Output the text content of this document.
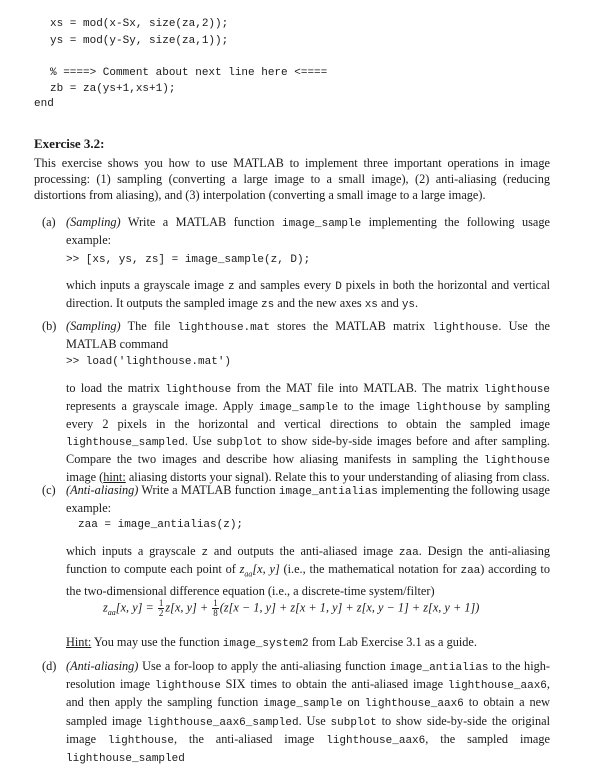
xs = mod(x-Sx, size(za,2));
ys = mod(y-Sy, size(za,1));
% ====> Comment about next line here <====
zb = za(ys+1,xs+1);
end
Exercise 3.2:
This exercise shows you how to use MATLAB to implement three important operations in image processing: (1) sampling (converting a large image to a small image), (2) anti-aliasing (reducing distortions from aliasing), and (3) interpolation (converting a small image to a large image).
(a) (Sampling) Write a MATLAB function image_sample implementing the following usage example:
>> [xs, ys, zs] = image_sample(z, D);
which inputs a grayscale image z and samples every D pixels in both the horizontal and vertical direction. It outputs the sampled image zs and the new axes xs and ys.
(b) (Sampling) The file lighthouse.mat stores the MATLAB matrix lighthouse. Use the MATLAB command
>> load('lighthouse.mat')
to load the matrix lighthouse from the MAT file into MATLAB. The matrix lighthouse represents a grayscale image. Apply image_sample to the image lighthouse by sampling every 2 pixels in the horizontal and vertical directions to obtain the sampled image lighthouse_sampled. Use subplot to show side-by-side images before and after sampling. Compare the two images and describe how aliasing manifests in sampling the lighthouse image (hint: aliasing distorts your signal). Relate this to your understanding of aliasing from class.
(c) (Anti-aliasing) Write a MATLAB function image_antialias implementing the following usage example:
zaa = image_antialias(z);
which inputs a grayscale z and outputs the anti-aliased image zaa. Design the anti-aliasing function to compute each point of $z_{aa}[x$, y] (i.e., the mathematical notation for zaa) according to the two-dimensional difference equation (i.e., a discrete-time system/filter)
$z_{aa}[x$, $y] = \frac{1}{2} z[x$, $y] + \frac{1}{8} (z[x - 1$, y] + z[x + 1, y] + z[x, y − 1] + z[x, y + 1])
Hint: You may use the function image_system2 from Lab Exercise 3.1 as a guide.
(d) (Anti-aliasing) Use a for-loop to apply the anti-aliasing function image_antialias to the high-resolution image lighthouse SIX times to obtain the anti-aliased image lighthouse_aax6, and then apply the sampling function image_sample on lighthouse_aax6 to obtain a new sampled image lighthouse_aax6_sampled. Use subplot to show side-by-side the original image lighthouse, the anti-aliased image lighthouse_aax6, the sampled image lighthouse_sampled
